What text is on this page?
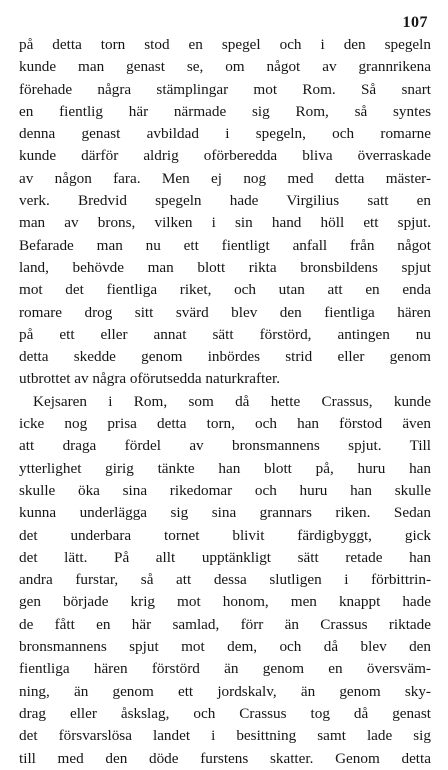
107
på detta torn stod en spegel och i den spegeln
kunde man genast se, om något av grannrikena
förehade några stämplingar mot Rom. Så snart
en fientlig här närmade sig Rom, så syntes
denna genast avbildad i spegeln, och romarne
kunde därför aldrig oförberedda bliva överraskade
av någon fara. Men ej nog med detta mäster-
verk. Bredvid spegeln hade Virgilius satt en
man av brons, vilken i sin hand höll ett spjut.
Befarade man nu ett fientligt anfall från något
land, behövde man blott rikta bronsbildens spjut
mot det fientliga riket, och utan att en enda
romare drog sitt svärd blev den fientliga hären
på ett eller annat sätt förstörd, antingen nu
detta skedde genom inbördes strid eller genom
utbrottet av några oförutsedda naturkrafter.
Kejsaren i Rom, som då hette Crassus, kunde
icke nog prisa detta torn, och han förstod även
att draga fördel av bronsmannens spjut. Till
ytterlighet girig tänkte han blott på, huru han
skulle öka sina rikedomar och huru han skulle
kunna underlägga sig sina grannars riken. Sedan
det underbara tornet blivit färdigbyggt, gick
det lätt. På allt upptänkligt sätt retade han
andra furstar, så att dessa slutligen i förbittrin-
gen började krig mot honom, men knappt hade
de fått en här samlad, förr än Crassus riktade
bronsmannens spjut mot dem, och då blev den
fientliga hären förstörd än genom en översväm-
ning, än genom ett jordskalv, än genom sky-
drag eller åskslag, och Crassus tog då genast
det försvarslösa landet i besittning samt lade sig
till med den döde furstens skatter. Genom detta
